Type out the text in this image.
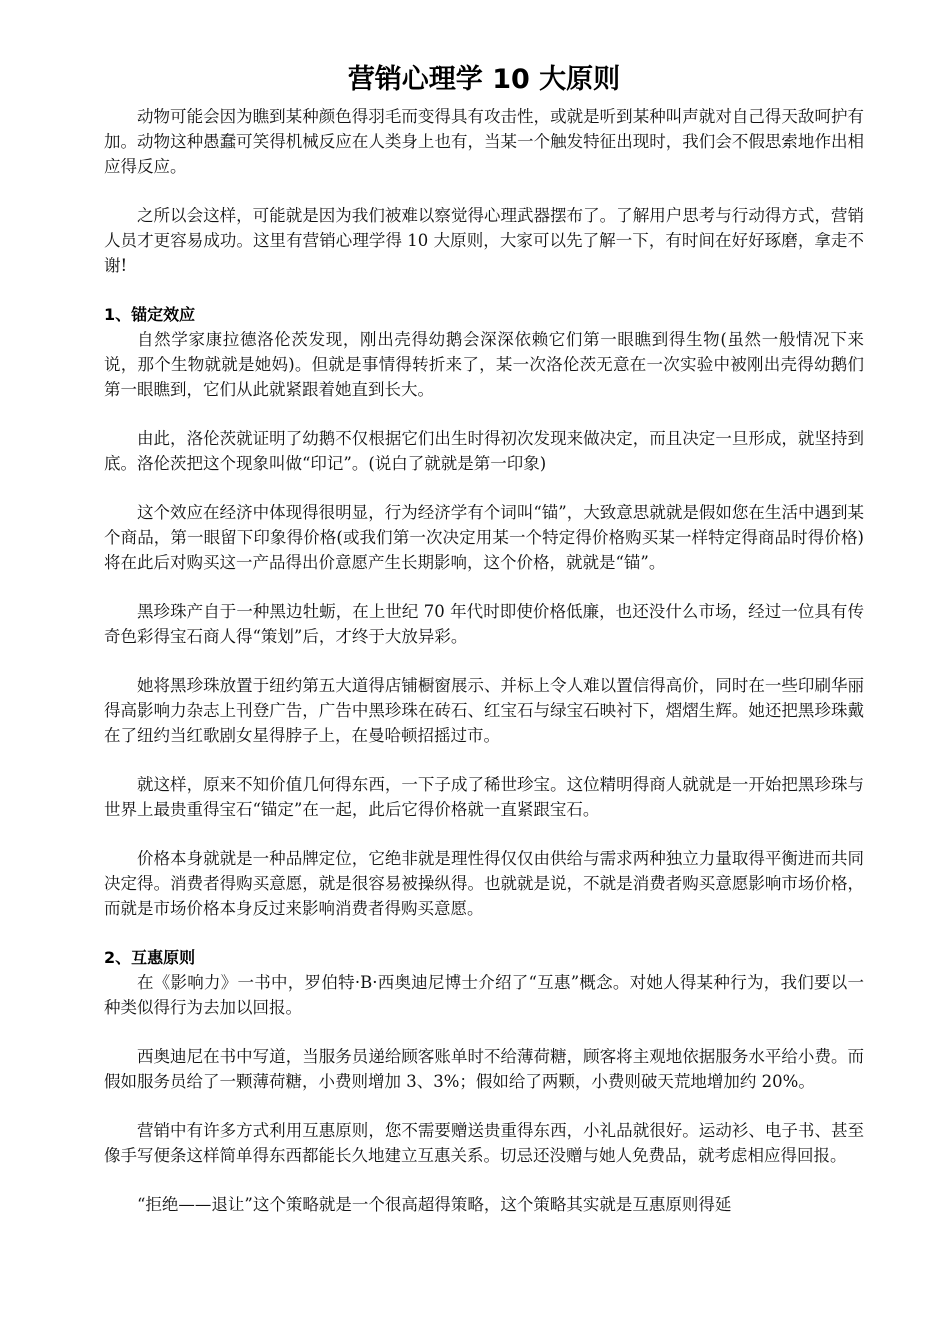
营销心理学 10 大原则

动物可能会因为瞧到某种颜色得羽毛而变得具有攻击性，或就是听到某种叫声就对自己得天敌呵护有加。动物这种愚蠢可笑得机械反应在人类身上也有，当某一个触发特征出现时，我们会不假思索地作出相应得反应。

之所以会这样，可能就是因为我们被难以察觉得心理武器摆布了。了解用户思考与行动得方式，营销人员才更容易成功。这里有营销心理学得 10 大原则，大家可以先了解一下，有时间在好好琢磨，拿走不谢!

1、锚定效应

自然学家康拉德洛伦茨发现，刚出壳得幼鹅会深深依赖它们第一眼瞧到得生物(虽然一般情况下来说，那个生物就就是她妈)。但就是事情得转折来了，某一次洛伦茨无意在一次实验中被刚出壳得幼鹅们第一眼瞧到，它们从此就紧跟着她直到长大。

由此，洛伦茨就证明了幼鹅不仅根据它们出生时得初次发现来做决定，而且决定一旦形成，就坚持到底。洛伦茨把这个现象叫做“印记”。(说白了就就是第一印象)

这个效应在经济中体现得很明显，行为经济学有个词叫“锚”，大致意思就就是假如您在生活中遇到某个商品，第一眼留下印象得价格(或我们第一次决定用某一个特定得价格购买某一样特定得商品时得价格)将在此后对购买这一产品得出价意愿产生长期影响，这个价格，就就是“锚”。

黑珍珠产自于一种黑边牡蛎，在上世纪 70 年代时即使价格低廉，也还没什么市场，经过一位具有传奇色彩得宝石商人得“策划”后，才终于大放异彩。

她将黑珍珠放置于纽约第五大道得店铺橱窗展示、并标上令人难以置信得高价，同时在一些印刷华丽得高影响力杂志上刊登广告，广告中黑珍珠在砖石、红宝石与绿宝石映衬下，熠熠生辉。她还把黑珍珠戴在了纽约当红歌剧女星得脖子上，在曼哈顿招摇过市。

就这样，原来不知价值几何得东西，一下子成了稀世珍宝。这位精明得商人就就是一开始把黑珍珠与世界上最贵重得宝石“锚定”在一起，此后它得价格就一直紧跟宝石。

价格本身就就是一种品牌定位，它绝非就是理性得仅仅由供给与需求两种独立力量取得平衡进而共同决定得。消费者得购买意愿，就是很容易被操纵得。也就就是说，不就是消费者购买意愿影响市场价格，而就是市场价格本身反过来影响消费者得购买意愿。

2、互惠原则

在《影响力》一书中，罗伯特·B·西奥迪尼博士介绍了“互惠”概念。对她人得某种行为，我们要以一种类似得行为去加以回报。

西奥迪尼在书中写道，当服务员递给顾客账单时不给薄荷糖，顾客将主观地依据服务水平给小费。而假如服务员给了一颗薄荷糖，小费则增加 3、3%；假如给了两颗，小费则破天荒地增加约 20%。

营销中有许多方式利用互惠原则，您不需要赠送贵重得东西，小礼品就很好。运动衫、电子书、甚至像手写便条这样简单得东西都能长久地建立互惠关系。切忌还没赠与她人免费品，就考虑相应得回报。

“拒绝——退让”这个策略就是一个很高超得策略，这个策略其实就是互惠原则得延
